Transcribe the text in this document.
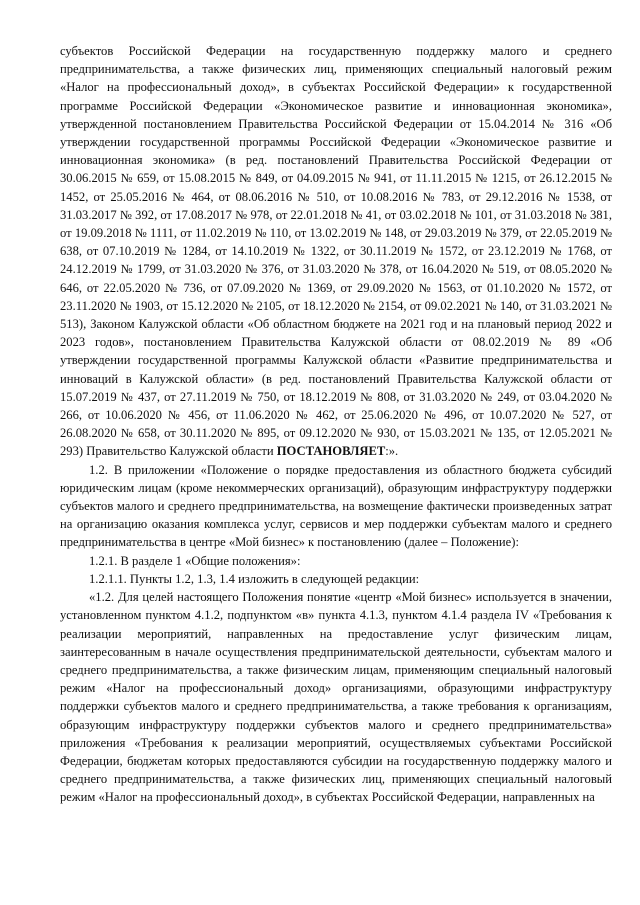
субъектов Российской Федерации на государственную поддержку малого и среднего предпринимательства, а также физических лиц, применяющих специальный налоговый режим «Налог на профессиональный доход», в субъектах Российской Федерации» к государственной программе Российской Федерации «Экономическое развитие и инновационная экономика», утвержденной постановлением Правительства Российской Федерации от 15.04.2014 № 316 «Об утверждении государственной программы Российской Федерации «Экономическое развитие и инновационная экономика» (в ред. постановлений Правительства Российской Федерации от 30.06.2015 № 659, от 15.08.2015 № 849, от 04.09.2015 № 941, от 11.11.2015 № 1215, от 26.12.2015 № 1452, от 25.05.2016 № 464, от 08.06.2016 № 510, от 10.08.2016 № 783, от 29.12.2016 № 1538, от 31.03.2017 № 392, от 17.08.2017 № 978, от 22.01.2018 № 41, от 03.02.2018 № 101, от 31.03.2018 № 381, от 19.09.2018 № 1111, от 11.02.2019 № 110, от 13.02.2019 № 148, от 29.03.2019 № 379, от 22.05.2019 № 638, от 07.10.2019 № 1284, от 14.10.2019 № 1322, от 30.11.2019 № 1572, от 23.12.2019 № 1768, от 24.12.2019 № 1799, от 31.03.2020 № 376, от 31.03.2020 № 378, от 16.04.2020 № 519, от 08.05.2020 № 646, от 22.05.2020 № 736, от 07.09.2020 № 1369, от 29.09.2020 № 1563, от 01.10.2020 № 1572, от 23.11.2020 № 1903, от 15.12.2020 № 2105, от 18.12.2020 № 2154, от 09.02.2021 № 140, от 31.03.2021 № 513), Законом Калужской области «Об областном бюджете на 2021 год и на плановый период 2022 и 2023 годов», постановлением Правительства Калужской области от 08.02.2019 № 89 «Об утверждении государственной программы Калужской области «Развитие предпринимательства и инноваций в Калужской области» (в ред. постановлений Правительства Калужской области от 15.07.2019 № 437, от 27.11.2019 № 750, от 18.12.2019 № 808, от 31.03.2020 № 249, от 03.04.2020 № 266, от 10.06.2020 № 456, от 11.06.2020 № 462, от 25.06.2020 № 496, от 10.07.2020 № 527, от 26.08.2020 № 658, от 30.11.2020 № 895, от 09.12.2020 № 930, от 15.03.2021 № 135, от 12.05.2021 № 293) Правительство Калужской области ПОСТАНОВЛЯЕТ:».

1.2. В приложении «Положение о порядке предоставления из областного бюджета субсидий юридическим лицам (кроме некоммерческих организаций), образующим инфраструктуру поддержки субъектов малого и среднего предпринимательства, на возмещение фактически произведенных затрат на организацию оказания комплекса услуг, сервисов и мер поддержки субъектам малого и среднего предпринимательства в центре «Мой бизнес» к постановлению (далее – Положение):

1.2.1. В разделе 1 «Общие положения»:

1.2.1.1. Пункты 1.2, 1.3, 1.4 изложить в следующей редакции:

«1.2. Для целей настоящего Положения понятие «центр «Мой бизнес» используется в значении, установленном пунктом 4.1.2, подпунктом «в» пункта 4.1.3, пунктом 4.1.4 раздела IV «Требования к реализации мероприятий, направленных на предоставление услуг физическим лицам, заинтересованным в начале осуществления предпринимательской деятельности, субъектам малого и среднего предпринимательства, а также физическим лицам, применяющим специальный налоговый режим «Налог на профессиональный доход» организациями, образующими инфраструктуру поддержки субъектов малого и среднего предпринимательства, а также требования к организациям, образующим инфраструктуру поддержки субъектов малого и среднего предпринимательства» приложения «Требования к реализации мероприятий, осуществляемых субъектами Российской Федерации, бюджетам которых предоставляются субсидии на государственную поддержку малого и среднего предпринимательства, а также физических лиц, применяющих специальный налоговый режим «Налог на профессиональный доход», в субъектах Российской Федерации, направленных на
